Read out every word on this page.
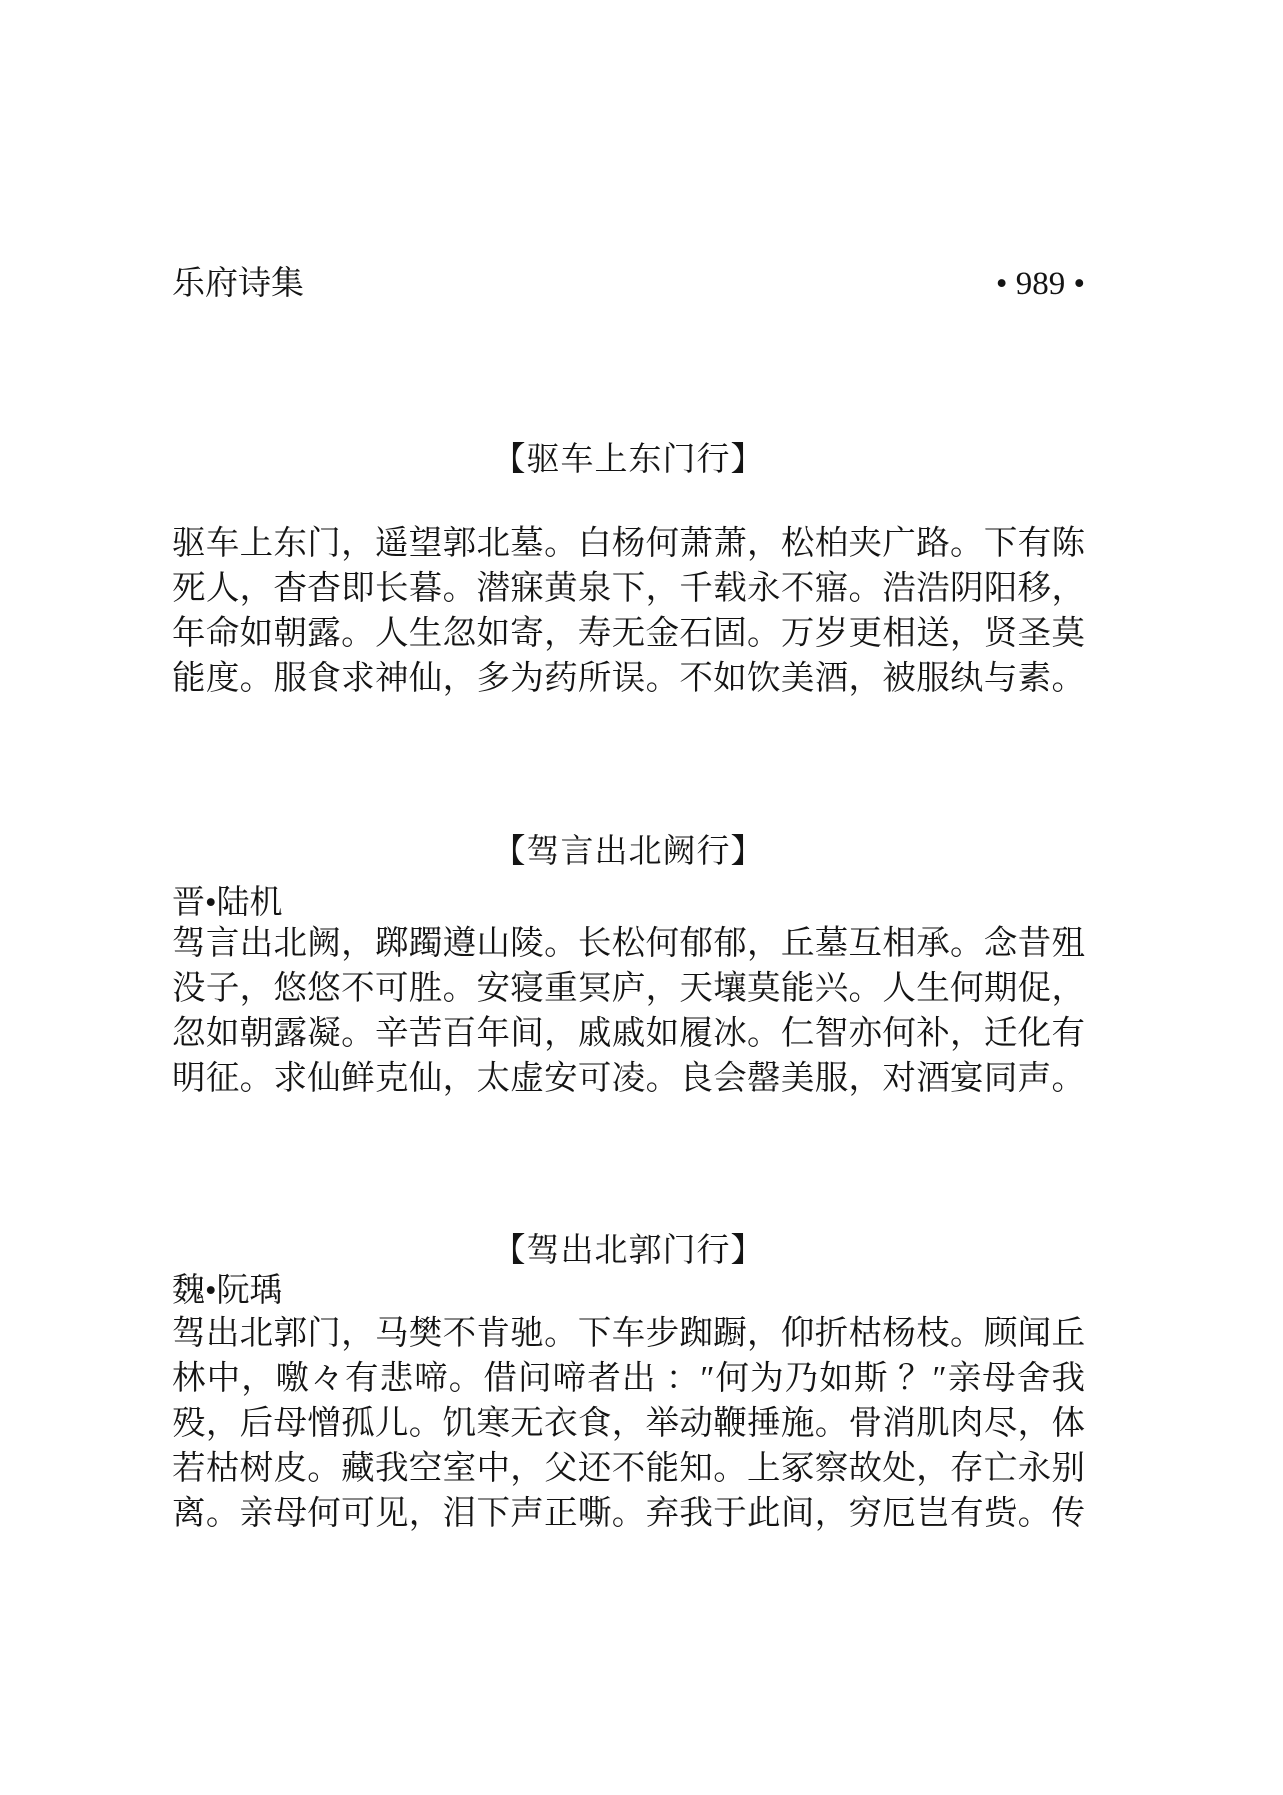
乐府诗集	• 989 •
【驱车上东门行】
驱车上东门，遥望郭北墓。白杨何萧萧，松柏夹广路。下有陈
死人，杳杳即长暮。潜寐黄泉下，千载永不寤。浩浩阴阳移，
年命如朝露。人生忽如寄，寿无金石固。万岁更相送，贤圣莫
能度。服食求神仙，多为药所误。不如饮美酒，被服纨与素。
【驾言出北阙行】
晋•陆机
驾言出北阙，踯躅遵山陵。长松何郁郁，丘墓互相承。念昔殂
没子，悠悠不可胜。安寝重冥庐，天壤莫能兴。人生何期促，
忽如朝露凝。辛苦百年间，戚戚如履冰。仁智亦何补，迁化有
明征。求仙鲜克仙，太虚安可凌。良会罄美服，对酒宴同声。
【驾出北郭门行】
魏•阮瑀
驾出北郭门，马樊不肯驰。下车步踟蹰，仰折枯杨枝。顾闻丘
林中，噭々有悲啼。借问啼者出 ：″何为乃如斯 ？″亲母舍我
殁，后母憎孤儿。饥寒无衣食，举动鞭捶施。骨消肌肉尽，体
若枯树皮。藏我空室中，父还不能知。上冢察故处，存亡永别
离。亲母何可见，泪下声正嘶。弃我于此间，穷厄岂有赀。传
